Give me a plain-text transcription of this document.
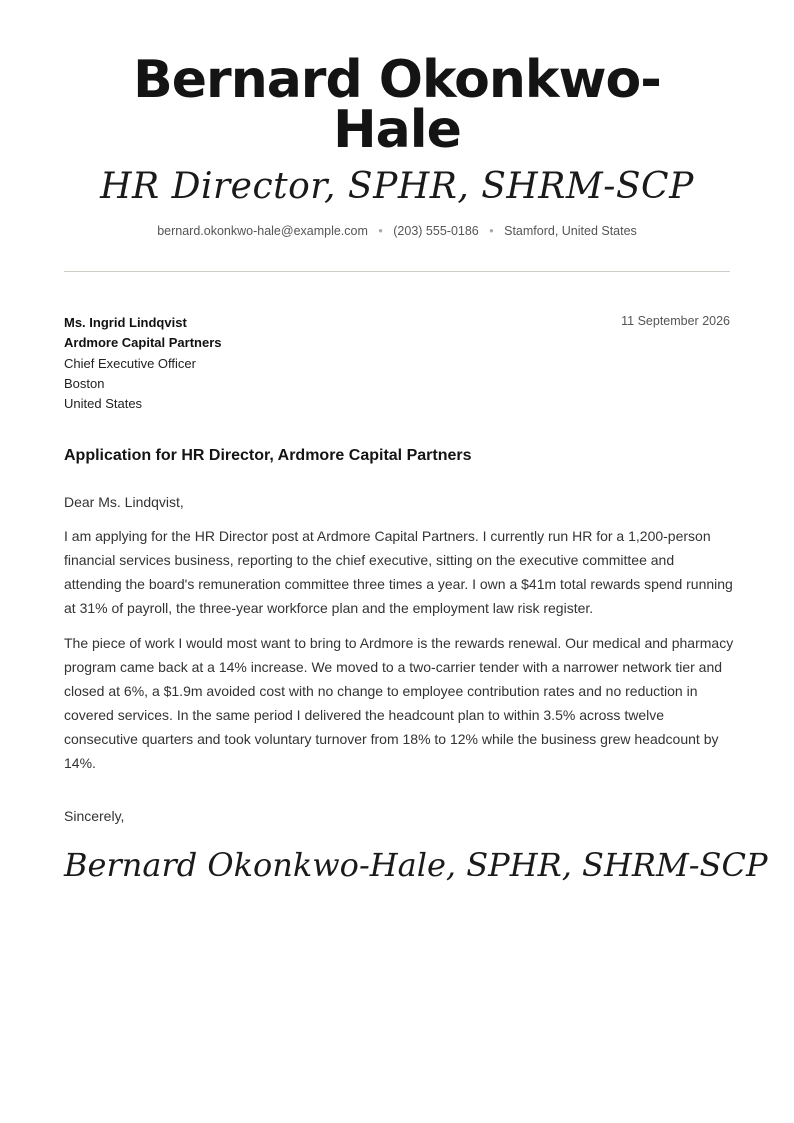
Bernard Okonkwo-Hale
HR Director, SPHR, SHRM-SCP
bernard.okonkwo-hale@example.com • (203) 555-0186 • Stamford, United States
11 September 2026
Ms. Ingrid Lindqvist
Ardmore Capital Partners
Chief Executive Officer
Boston
United States
Application for HR Director, Ardmore Capital Partners
Dear Ms. Lindqvist,
I am applying for the HR Director post at Ardmore Capital Partners. I currently run HR for a 1,200-person financial services business, reporting to the chief executive, sitting on the executive committee and attending the board's remuneration committee three times a year. I own a $41m total rewards spend running at 31% of payroll, the three-year workforce plan and the employment law risk register.
The piece of work I would most want to bring to Ardmore is the rewards renewal. Our medical and pharmacy program came back at a 14% increase. We moved to a two-carrier tender with a narrower network tier and closed at 6%, a $1.9m avoided cost with no change to employee contribution rates and no reduction in covered services. In the same period I delivered the headcount plan to within 3.5% across twelve consecutive quarters and took voluntary turnover from 18% to 12% while the business grew headcount by 14%.
Sincerely,
Bernard Okonkwo-Hale, SPHR, SHRM-SCP
